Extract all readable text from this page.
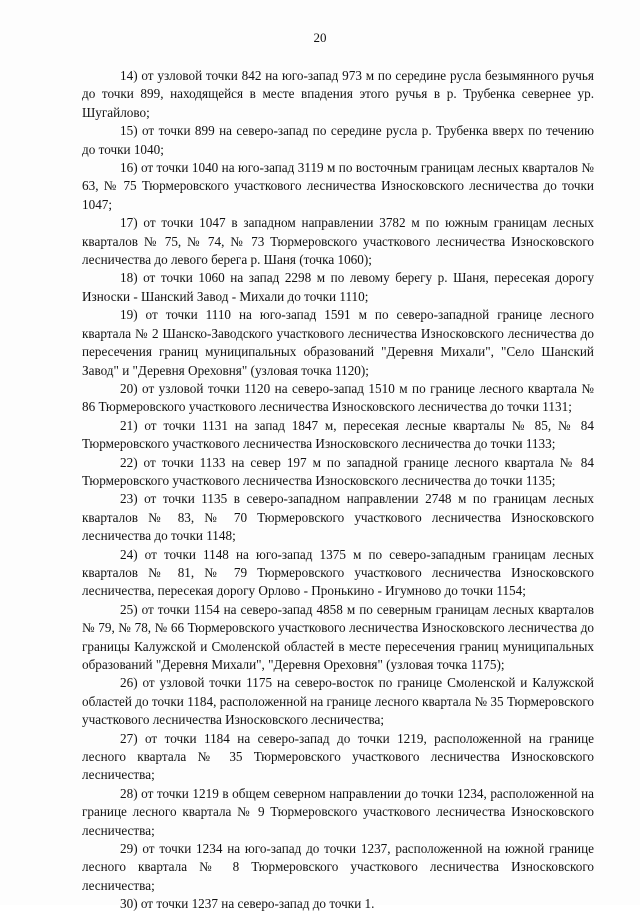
20

14) от узловой точки 842 на юго-запад 973 м по середине русла безымянного ручья до точки 899, находящейся в месте впадения этого ручья в р. Трубенка севернее ур. Шугайлово;

15) от точки 899 на северо-запад по середине русла р. Трубенка вверх по течению до точки 1040;

16) от точки 1040 на юго-запад 3119 м по восточным границам лесных кварталов № 63, № 75 Тюрмеровского участкового лесничества Износковского лесничества до точки 1047;

17) от точки 1047 в западном направлении 3782 м по южным границам лесных кварталов № 75, № 74, № 73 Тюрмеровского участкового лесничества Износковского лесничества до левого берега р. Шаня (точка 1060);

18) от точки 1060 на запад 2298 м по левому берегу р. Шаня, пересекая дорогу Износки - Шанский Завод - Михали до точки 1110;

19) от точки 1110 на юго-запад 1591 м по северо-западной границе лесного квартала № 2 Шанско-Заводского участкового лесничества Износковского лесничества до пересечения границ муниципальных образований "Деревня Михали", "Село Шанский Завод" и "Деревня Ореховня" (узловая точка 1120);

20) от узловой точки 1120 на северо-запад 1510 м по границе лесного квартала № 86 Тюрмеровского участкового лесничества Износковского лесничества до точки 1131;

21) от точки 1131 на запад 1847 м, пересекая лесные кварталы № 85, № 84 Тюрмеровского участкового лесничества Износковского лесничества до точки 1133;

22) от точки 1133 на север 197 м по западной границе лесного квартала № 84 Тюрмеровского участкового лесничества Износковского лесничества до точки 1135;

23) от точки 1135 в северо-западном направлении 2748 м по границам лесных кварталов № 83, № 70 Тюрмеровского участкового лесничества Износковского лесничества до точки 1148;

24) от точки 1148 на юго-запад 1375 м по северо-западным границам лесных кварталов № 81, № 79 Тюрмеровского участкового лесничества Износковского лесничества, пересекая дорогу Орлово - Пронькино - Игумново до точки 1154;

25) от точки 1154 на северо-запад 4858 м по северным границам лесных кварталов № 79, № 78, № 66 Тюрмеровского участкового лесничества Износковского лесничества до границы Калужской и Смоленской областей в месте пересечения границ муниципальных образований "Деревня Михали", "Деревня Ореховня" (узловая точка 1175);

26) от узловой точки 1175 на северо-восток по границе Смоленской и Калужской областей до точки 1184, расположенной на границе лесного квартала № 35 Тюрмеровского участкового лесничества Износковского лесничества;

27) от точки 1184 на северо-запад до точки 1219, расположенной на границе лесного квартала № 35 Тюрмеровского участкового лесничества Износковского лесничества;

28) от точки 1219 в общем северном направлении до точки 1234, расположенной на границе лесного квартала № 9 Тюрмеровского участкового лесничества Износковского лесничества;

29) от точки 1234 на юго-запад до точки 1237, расположенной на южной границе лесного квартала № 8 Тюрмеровского участкового лесничества Износковского лесничества;

30) от точки 1237 на северо-запад до точки 1.
